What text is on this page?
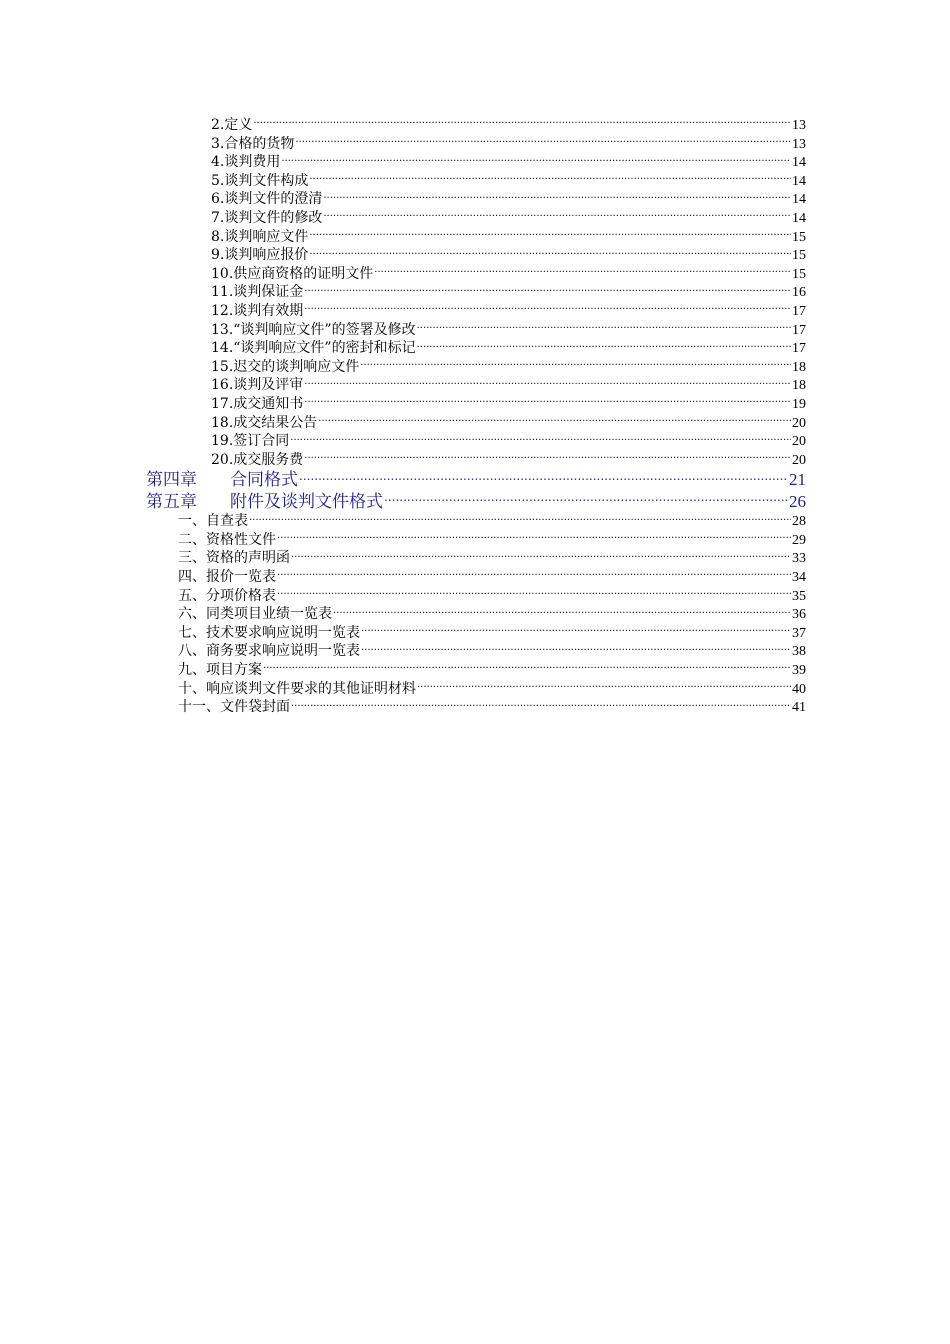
2.定义 .....	13
3.合格的货物 .....	13
4.谈判费用 .....	14
5.谈判文件构成 .....	14
6.谈判文件的澄清 .....	14
7.谈判文件的修改 .....	14
8.谈判响应文件 .....	15
9.谈判响应报价 .....	15
10.供应商资格的证明文件 .....	15
11.谈判保证金 .....	16
12.谈判有效期 .....	17
13.“谈判响应文件”的签署及修改 .....	17
14.“谈判响应文件”的密封和标记 .....	17
15.迟交的谈判响应文件 .....	18
16.谈判及评审 .....	18
17.成交通知书 .....	19
18.成交结果公告 .....	20
19.签订合同 .....	20
20.成交服务费 .....	20
第四章	合同格式 .....	21
第五章	附件及谈判文件格式 .....	26
一、自查表 .....	28
二、资格性文件 .....	29
三、资格的声明函 .....	33
四、报价一览表 .....	34
五、分项价格表 .....	35
六、同类项目业绩一览表 .....	36
七、技术要求响应说明一览表 .....	37
八、商务要求响应说明一览表 .....	38
九、项目方案 .....	39
十、响应谈判文件要求的其他证明材料 .....	40
十一、文件袋封面 .....	41
